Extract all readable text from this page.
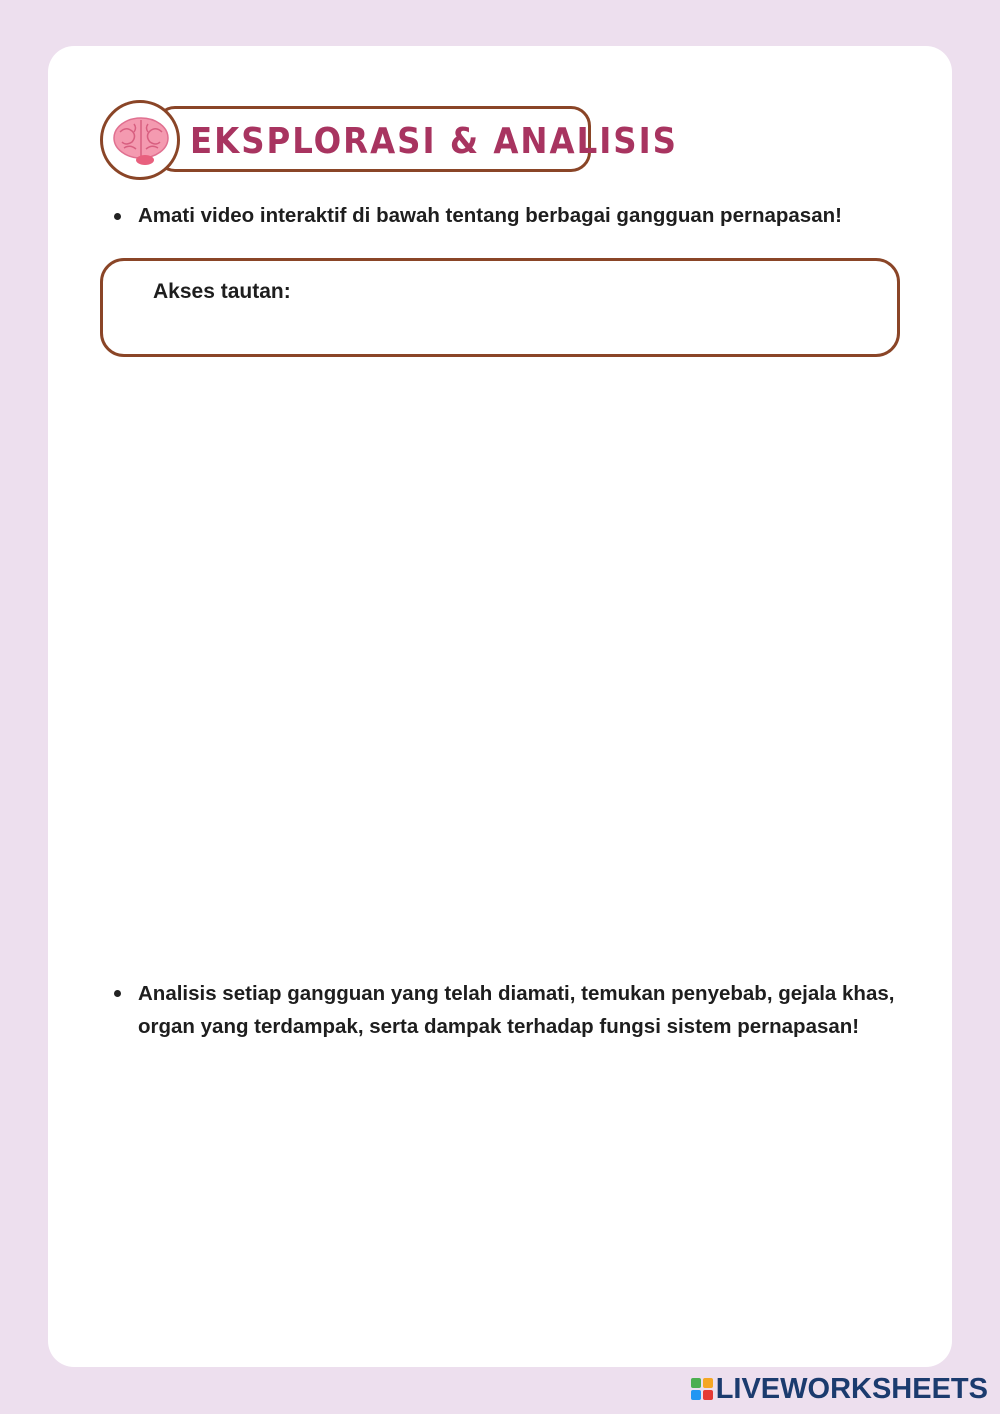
EKSPLORASI & ANALISIS
Amati video interaktif di bawah tentang berbagai gangguan pernapasan!
Akses tautan:
Analisis setiap gangguan yang telah diamati, temukan penyebab, gejala khas, organ yang terdampak, serta dampak terhadap fungsi sistem pernapasan!
LIVEWORKSHEETS
